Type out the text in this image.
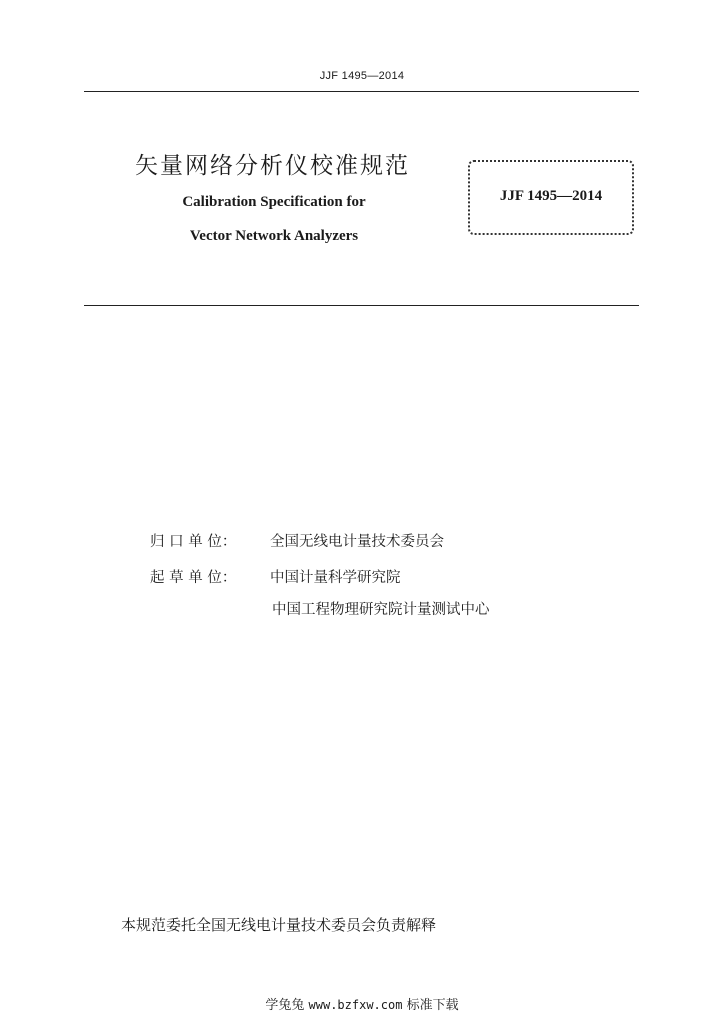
JJF 1495—2014
矢量网络分析仪校准规范
Calibration Specification for
Vector Network Analyzers
JJF 1495—2014
归 口 单 位： 全国无线电计量技术委员会
起 草 单 位： 中国计量科学研究院
中国工程物理研究院计量测试中心
本规范委托全国无线电计量技术委员会负责解释
学兔兔 www.bzfxw.com 标准下载
